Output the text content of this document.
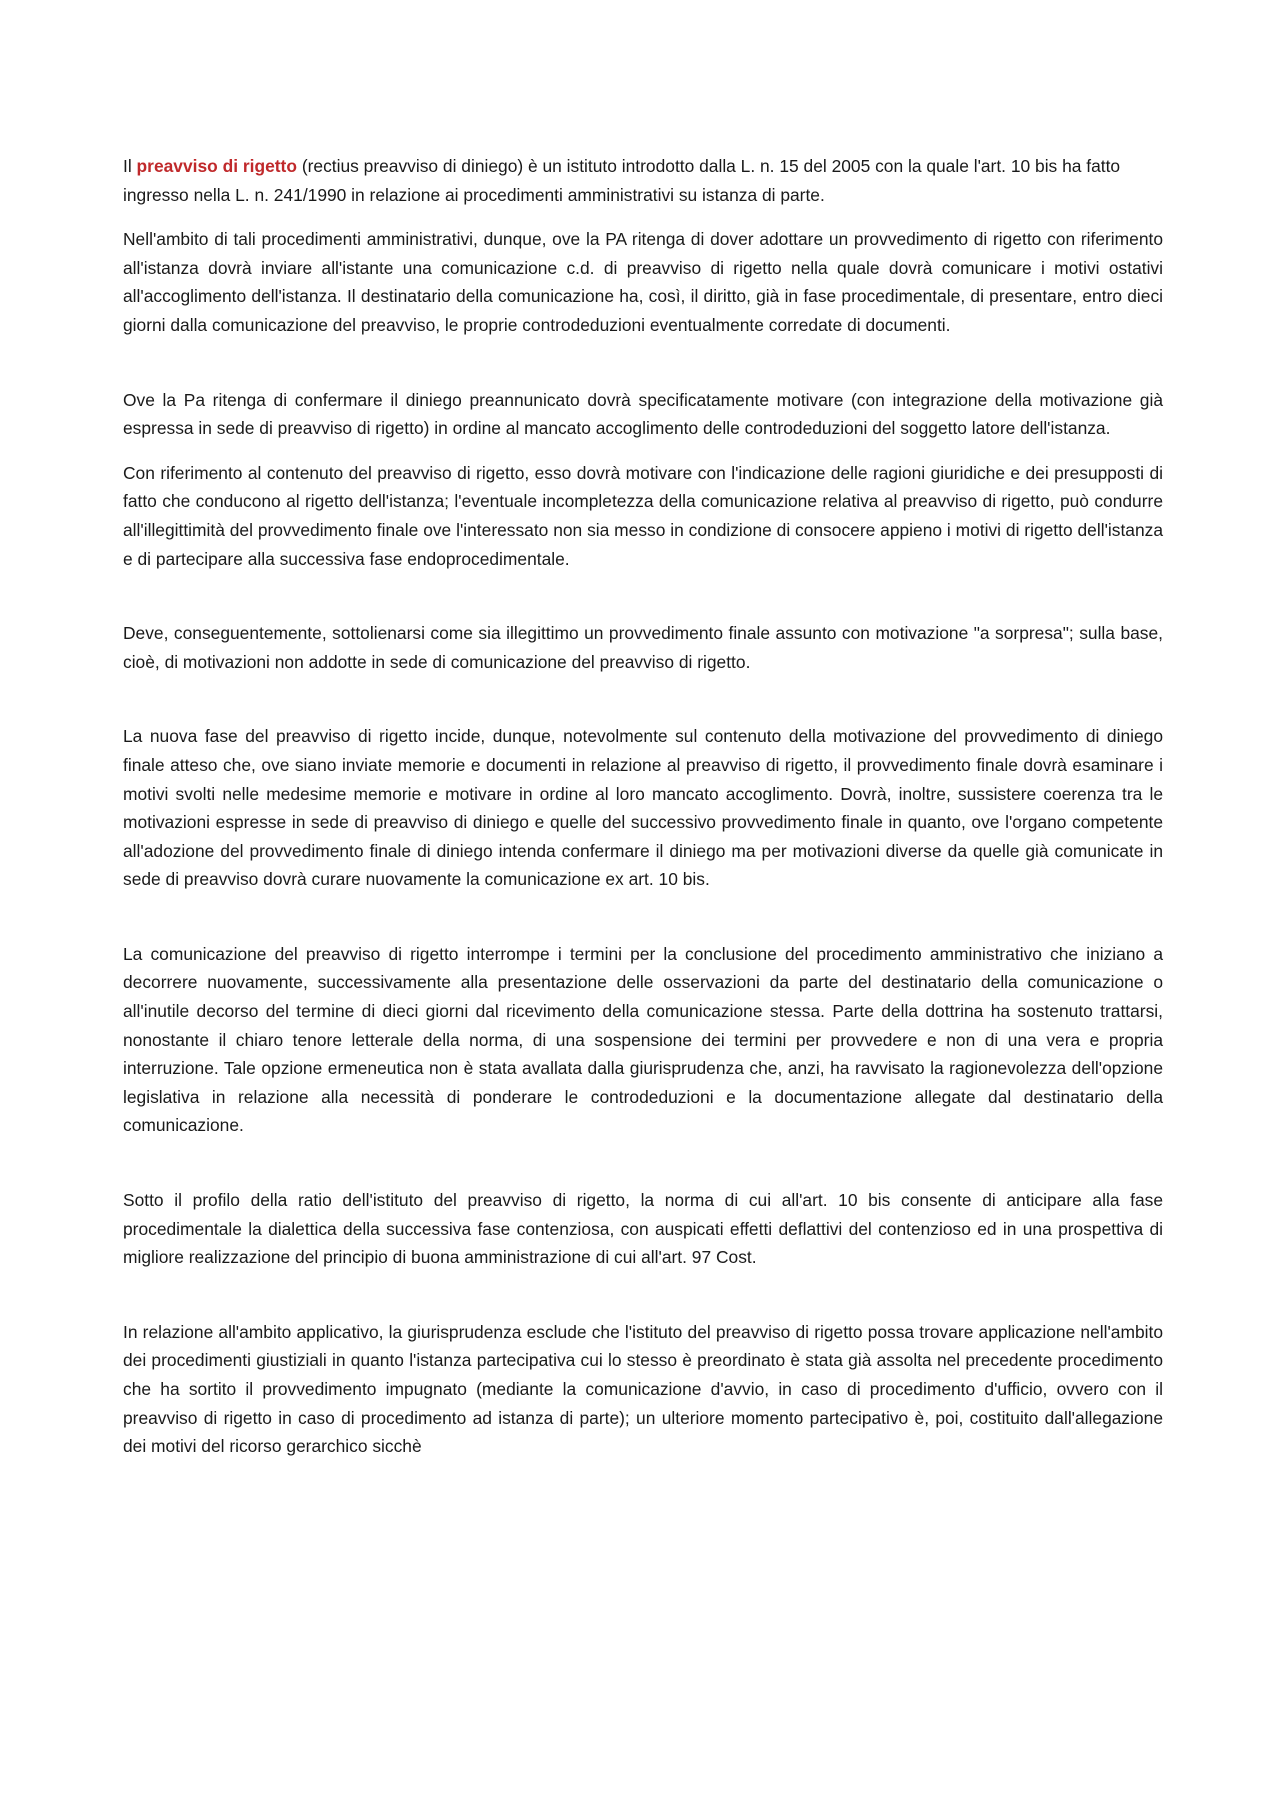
Il preavviso di rigetto (rectius preavviso di diniego) è un istituto introdotto dalla L. n. 15 del 2005 con la quale l'art. 10 bis ha fatto ingresso nella L. n. 241/1990 in relazione ai procedimenti amministrativi su istanza di parte.

Nell'ambito di tali procedimenti amministrativi, dunque, ove la PA ritenga di dover adottare un provvedimento di rigetto con riferimento all'istanza dovrà inviare all'istante una comunicazione c.d. di preavviso di rigetto nella quale dovrà comunicare i motivi ostativi all'accoglimento dell'istanza. Il destinatario della comunicazione ha, così, il diritto, già in fase procedimentale, di presentare, entro dieci giorni dalla comunicazione del preavviso, le proprie controdeduzioni eventualmente corredate di documenti.

Ove la Pa ritenga di confermare il diniego preannunicato dovrà specificatamente motivare (con integrazione della motivazione già espressa in sede di preavviso di rigetto) in ordine al mancato accoglimento delle controdeduzioni del soggetto latore dell'istanza.

Con riferimento al contenuto del preavviso di rigetto, esso dovrà motivare con l'indicazione delle ragioni giuridiche e dei presupposti di fatto che conducono al rigetto dell'istanza; l'eventuale incompletezza della comunicazione relativa al preavviso di rigetto, può condurre all'illegittimità del provvedimento finale ove l'interessato non sia messo in condizione di consocere appieno i motivi di rigetto dell'istanza e di partecipare alla successiva fase endoprocedimentale.

Deve, conseguentemente, sottolienarsi come sia illegittimo un provvedimento finale assunto con motivazione "a sorpresa"; sulla base, cioè, di motivazioni non addotte in sede di comunicazione del preavviso di rigetto.

La nuova fase del preavviso di rigetto incide, dunque, notevolmente sul contenuto della motivazione del provvedimento di diniego finale atteso che, ove siano inviate memorie e documenti in relazione al preavviso di rigetto, il provvedimento finale dovrà esaminare i motivi svolti nelle medesime memorie e motivare in ordine al loro mancato accoglimento. Dovrà, inoltre, sussistere coerenza tra le motivazioni espresse in sede di preavviso di diniego e quelle del successivo provvedimento finale in quanto, ove l'organo competente all'adozione del provvedimento finale di diniego intenda confermare il diniego ma per motivazioni diverse da quelle già comunicate in sede di preavviso dovrà curare nuovamente la comunicazione ex art. 10 bis.

La comunicazione del preavviso di rigetto interrompe i termini per la conclusione del procedimento amministrativo che iniziano a decorrere nuovamente, successivamente alla presentazione delle osservazioni da parte del destinatario della comunicazione o all'inutile decorso del termine di dieci giorni dal ricevimento della comunicazione stessa. Parte della dottrina ha sostenuto trattarsi, nonostante il chiaro tenore letterale della norma, di una sospensione dei termini per provvedere e non di una vera e propria interruzione. Tale opzione ermeneutica non è stata avallata dalla giurisprudenza che, anzi, ha ravvisato la ragionevolezza dell'opzione legislativa in relazione alla necessità di ponderare le controdeduzioni e la documentazione allegate dal destinatario della comunicazione.

Sotto il profilo della ratio dell'istituto del preavviso di rigetto, la norma di cui all'art. 10 bis consente di anticipare alla fase procedimentale la dialettica della successiva fase contenziosa, con auspicati effetti deflattivi del contenzioso ed in una prospettiva di migliore realizzazione del principio di buona amministrazione di cui all'art. 97 Cost.

In relazione all'ambito applicativo, la giurisprudenza esclude che l'istituto del preavviso di rigetto possa trovare applicazione nell'ambito dei procedimenti giustiziali in quanto l'istanza partecipativa cui lo stesso è preordinato è stata già assolta nel precedente procedimento che ha sortito il provvedimento impugnato (mediante la comunicazione d'avvio, in caso di procedimento d'ufficio, ovvero con il preavviso di rigetto in caso di procedimento ad istanza di parte); un ulteriore momento partecipativo è, poi, costituito dall'allegazione dei motivi del ricorso gerarchico sicchè
